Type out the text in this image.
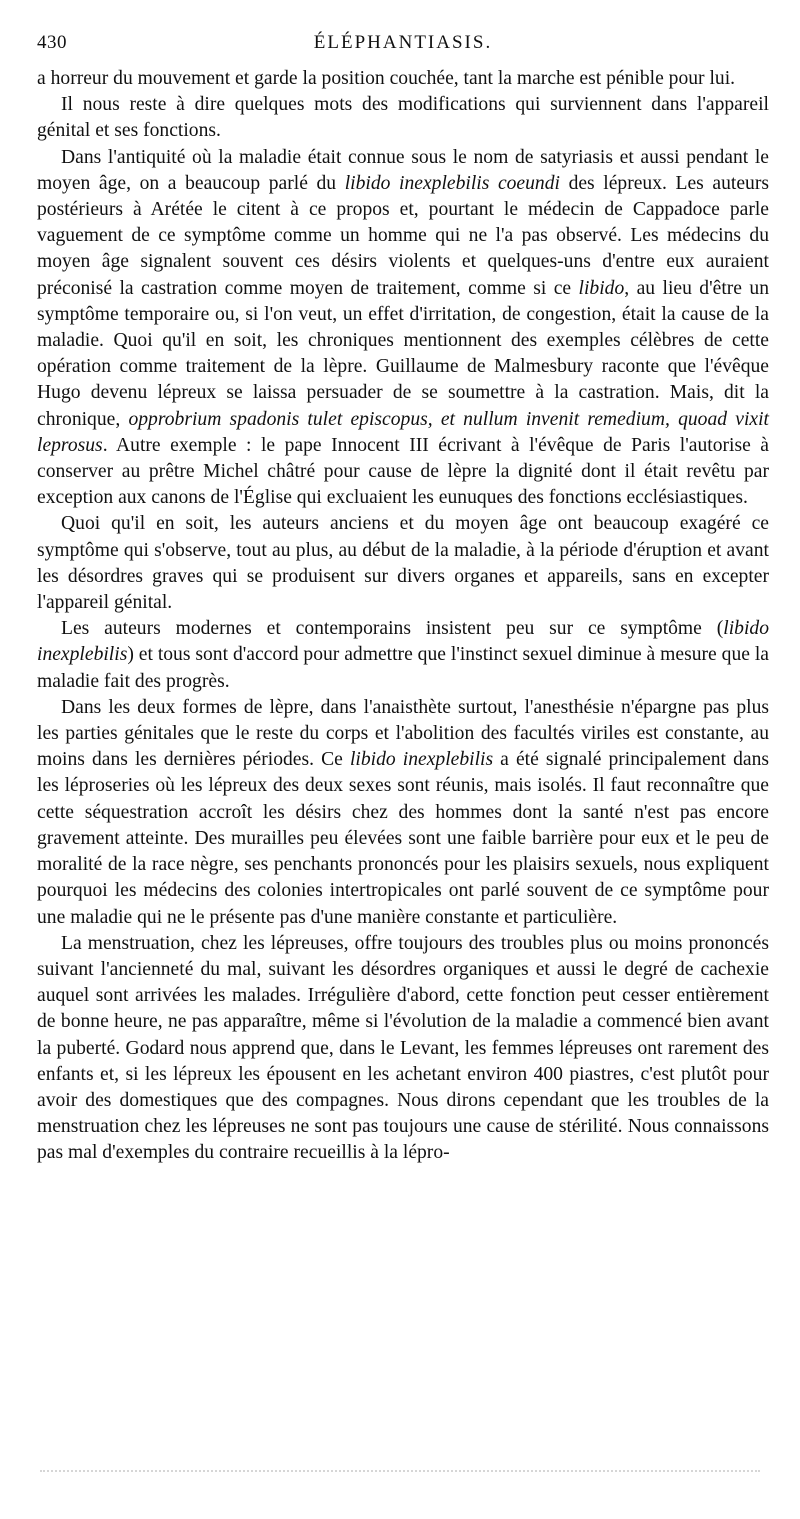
430	ÉLÉPHANTIASIS.

a horreur du mouvement et garde la position couchée, tant la marche est pénible pour lui.

Il nous reste à dire quelques mots des modifications qui surviennent dans l'appareil génital et ses fonctions.

Dans l'antiquité où la maladie était connue sous le nom de satyriasis et aussi pendant le moyen âge, on a beaucoup parlé du libido inexplebilis coeundi des lépreux. Les auteurs postérieurs à Arétée le citent à ce propos et, pourtant le médecin de Cappadoce parle vaguement de ce symptôme comme un homme qui ne l'a pas observé. Les médecins du moyen âge signalent souvent ces désirs violents et quelques-uns d'entre eux auraient préconisé la castration comme moyen de traitement, comme si ce libido, au lieu d'être un symptôme temporaire ou, si l'on veut, un effet d'irritation, de congestion, était la cause de la maladie. Quoi qu'il en soit, les chroniques mentionnent des exemples célèbres de cette opération comme traitement de la lèpre. Guillaume de Malmesbury raconte que l'évêque Hugo devenu lépreux se laissa persuader de se soumettre à la castration. Mais, dit la chronique, opprobrium spadonis tulet episcopus, et nullum invenit remedium, quoad vixit leprosus. Autre exemple : le pape Innocent III écrivant à l'évêque de Paris l'autorise à conserver au prêtre Michel châtré pour cause de lèpre la dignité dont il était revêtu par exception aux canons de l'Église qui excluaient les eunuques des fonctions ecclésiastiques.

Quoi qu'il en soit, les auteurs anciens et du moyen âge ont beaucoup exagéré ce symptôme qui s'observe, tout au plus, au début de la maladie, à la période d'éruption et avant les désordres graves qui se produisent sur divers organes et appareils, sans en excepter l'appareil génital.

Les auteurs modernes et contemporains insistent peu sur ce symptôme (libido inexplebilis) et tous sont d'accord pour admettre que l'instinct sexuel diminue à mesure que la maladie fait des progrès.

Dans les deux formes de lèpre, dans l'anaisthète surtout, l'anesthésie n'épargne pas plus les parties génitales que le reste du corps et l'abolition des facultés viriles est constante, au moins dans les dernières périodes. Ce libido inexplebilis a été signalé principalement dans les léproseries où les lépreux des deux sexes sont réunis, mais isolés. Il faut reconnaître que cette séquestration accroît les désirs chez des hommes dont la santé n'est pas encore gravement atteinte. Des murailles peu élevées sont une faible barrière pour eux et le peu de moralité de la race nègre, ses penchants prononcés pour les plaisirs sexuels, nous expliquent pourquoi les médecins des colonies intertropicales ont parlé souvent de ce symptôme pour une maladie qui ne le présente pas d'une manière constante et particulière.

La menstruation, chez les lépreuses, offre toujours des troubles plus ou moins prononcés suivant l'ancienneté du mal, suivant les désordres organiques et aussi le degré de cachexie auquel sont arrivées les malades. Irrégulière d'abord, cette fonction peut cesser entièrement de bonne heure, ne pas apparaître, même si l'évolution de la maladie a commencé bien avant la puberté. Godard nous apprend que, dans le Levant, les femmes lépreuses ont rarement des enfants et, si les lépreux les épousent en les achetant environ 400 piastres, c'est plutôt pour avoir des domestiques que des compagnes. Nous dirons cependant que les troubles de la menstruation chez les lépreuses ne sont pas toujours une cause de stérilité. Nous connaissons pas mal d'exemples du contraire recueillis à la lépro-
